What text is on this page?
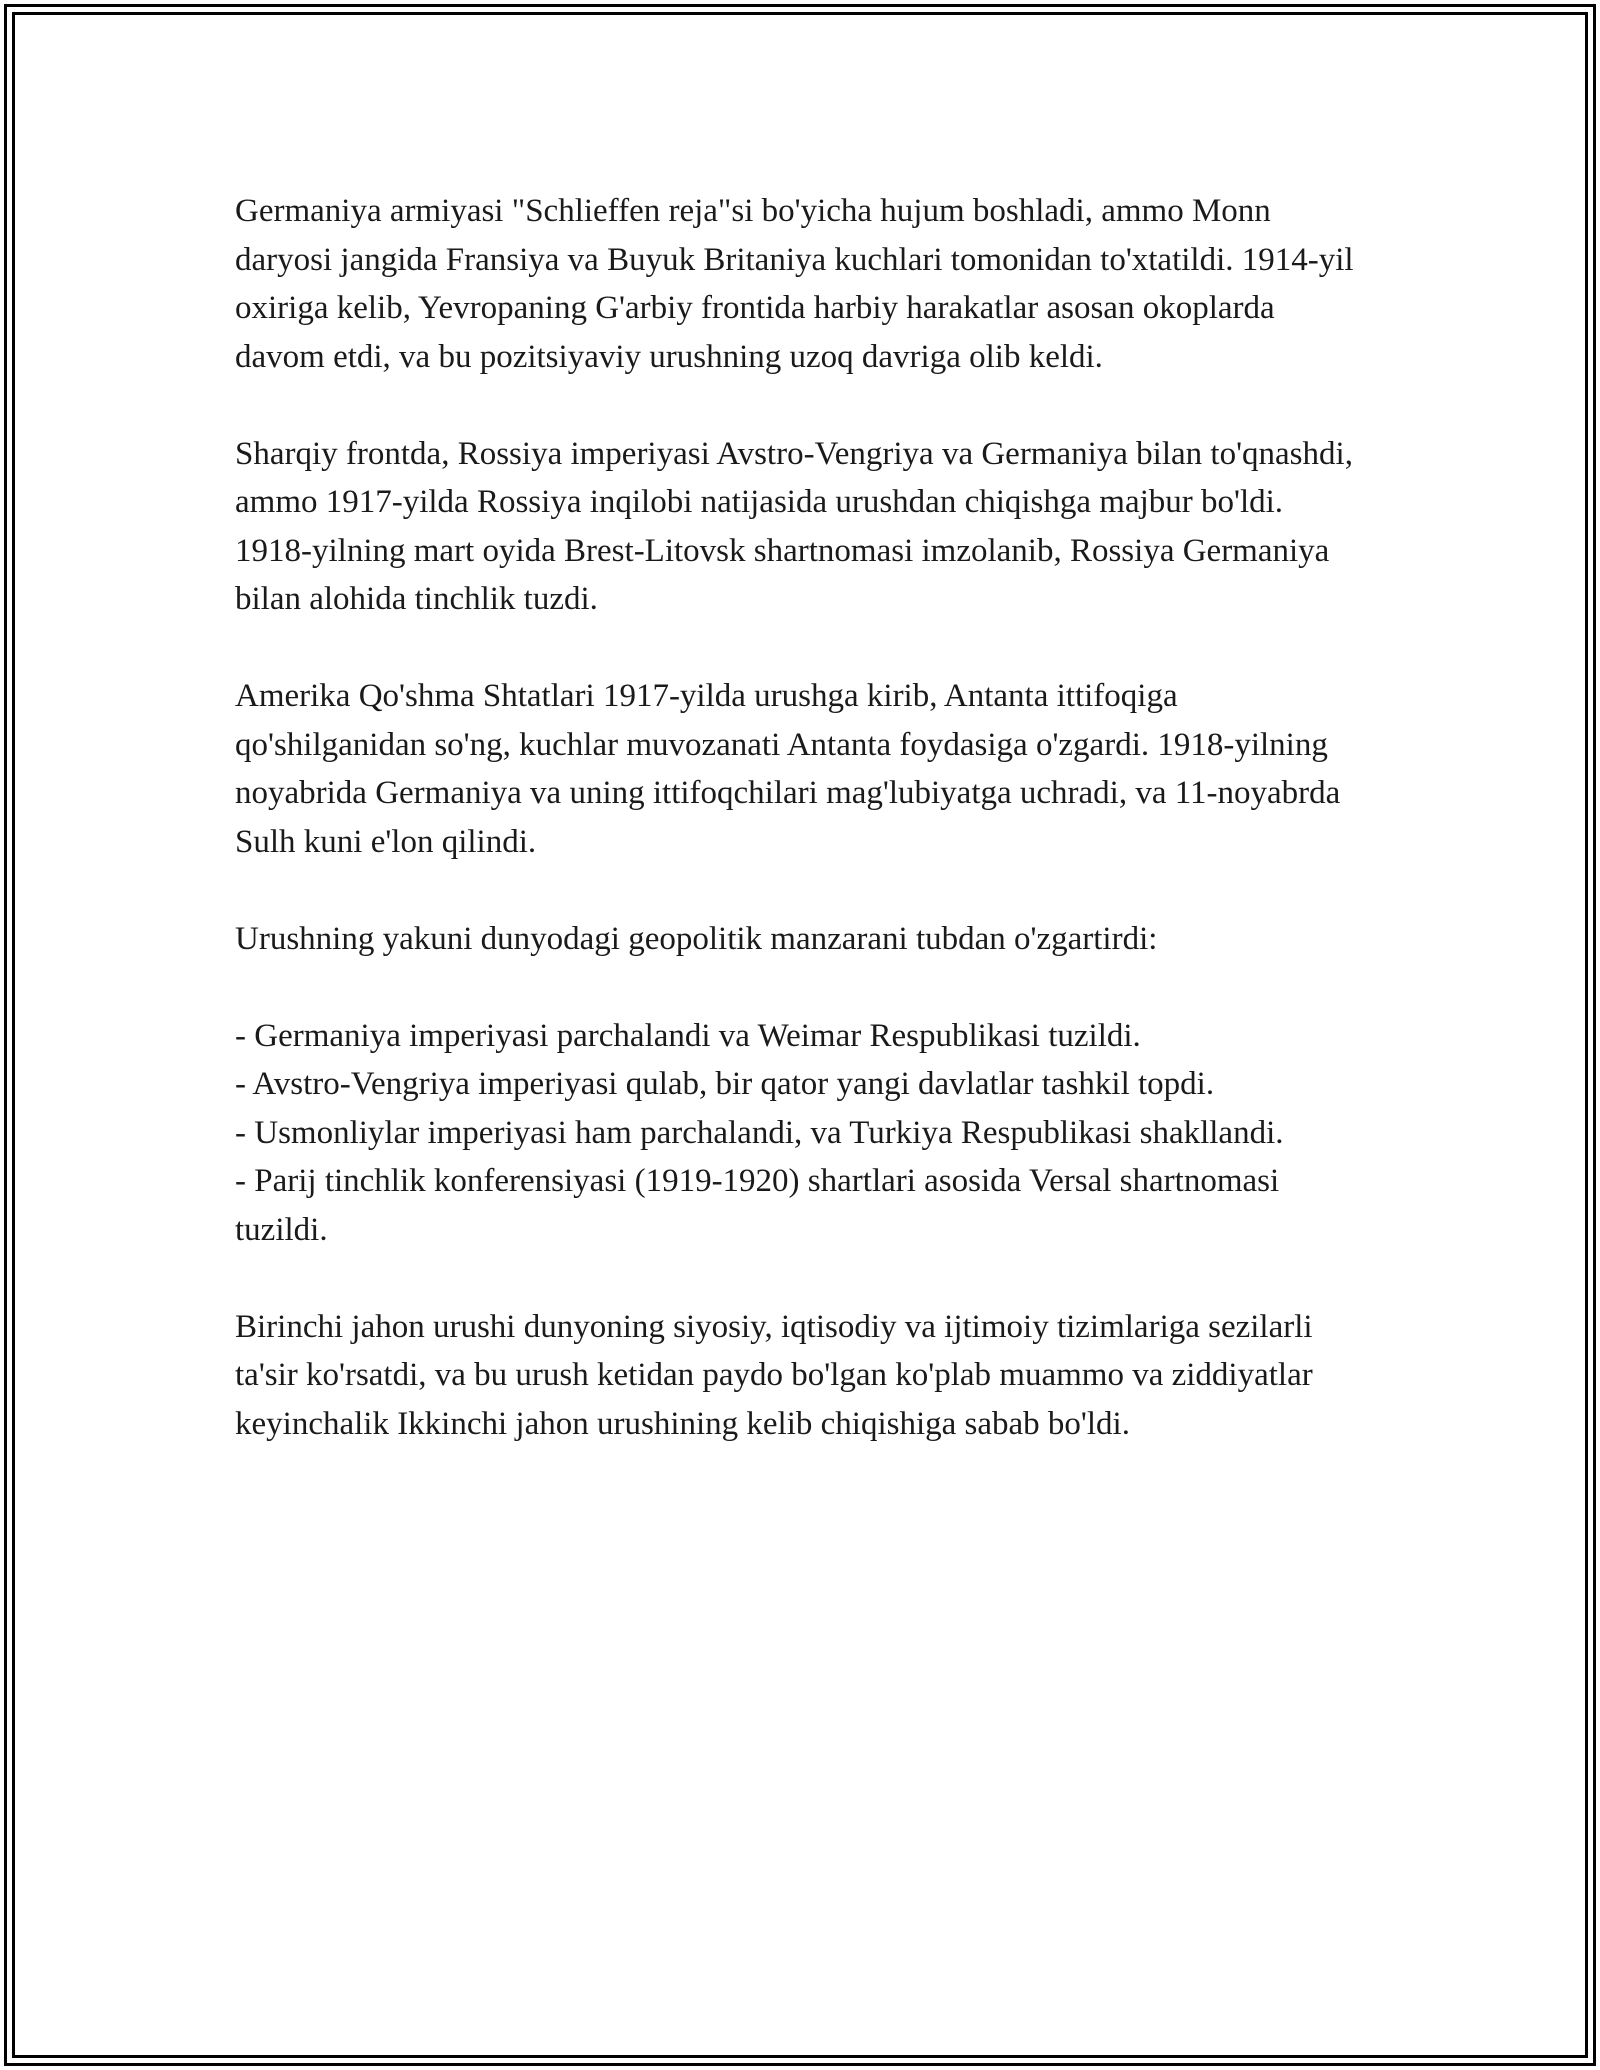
Germaniya armiyasi "Schlieffen reja"si bo'yicha hujum boshladi, ammo Monn daryosi jangida Fransiya va Buyuk Britaniya kuchlari tomonidan to'xtatildi. 1914-yil oxiriga kelib, Yevropaning G'arbiy frontida harbiy harakatlar asosan okoplarda davom etdi, va bu pozitsiyaviy urushning uzoq davriga olib keldi.

Sharqiy frontda, Rossiya imperiyasi Avstro-Vengriya va Germaniya bilan to'qnashdi, ammo 1917-yilda Rossiya inqilobi natijasida urushdan chiqishga majbur bo'ldi. 1918-yilning mart oyida Brest-Litovsk shartnomasi imzolanib, Rossiya Germaniya bilan alohida tinchlik tuzdi.

Amerika Qo'shma Shtatlari 1917-yilda urushga kirib, Antanta ittifoqiga qo'shilganidan so'ng, kuchlar muvozanati Antanta foydasiga o'zgardi. 1918-yilning noyabrida Germaniya va uning ittifoqchilari mag'lubiyatga uchradi, va 11-noyabrda Sulh kuni e'lon qilindi.

Urushning yakuni dunyodagi geopolitik manzarani tubdan o'zgartirdi:

- Germaniya imperiyasi parchalandi va Weimar Respublikasi tuzildi.
- Avstro-Vengriya imperiyasi qulab, bir qator yangi davlatlar tashkil topdi.
- Usmonliylar imperiyasi ham parchalandi, va Turkiya Respublikasi shakllandi.
- Parij tinchlik konferensiyasi (1919-1920) shartlari asosida Versal shartnomasi tuzildi.

Birinchi jahon urushi dunyoning siyosiy, iqtisodiy va ijtimoiy tizimlariga sezilarli ta'sir ko'rsatdi, va bu urush ketidan paydo bo'lgan ko'plab muammo va ziddiyatlar keyinchalik Ikkinchi jahon urushining kelib chiqishiga sabab bo'ldi.
